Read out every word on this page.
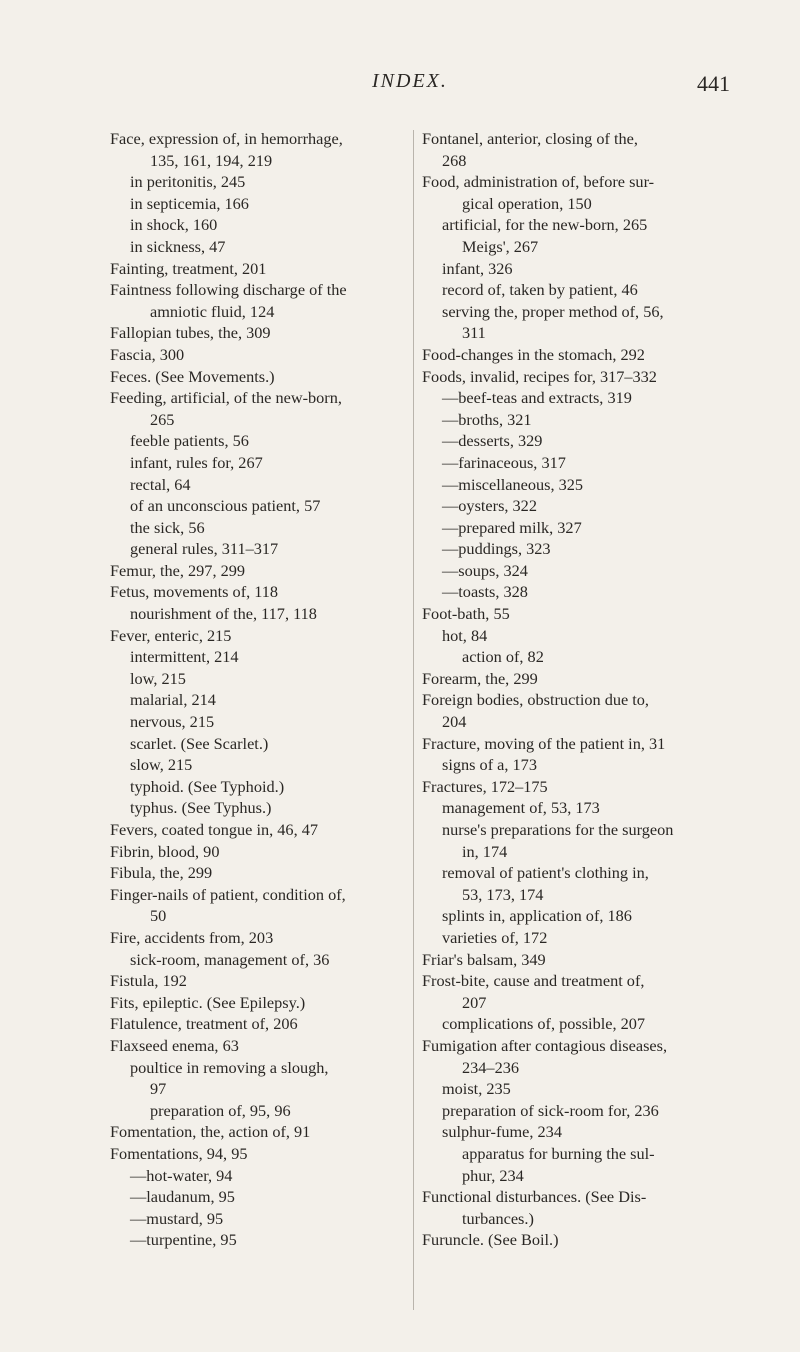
INDEX.	441
Face, expression of, in hemorrhage,
135, 161, 194, 219
in peritonitis, 245
in septicemia, 166
in shock, 160
in sickness, 47
Fainting, treatment, 201
Faintness following discharge of the
amniotic fluid, 124
Fallopian tubes, the, 309
Fascia, 300
Feces. (See Movements.)
Feeding, artificial, of the new-born,
265
feeble patients, 56
infant, rules for, 267
rectal, 64
of an unconscious patient, 57
the sick, 56
general rules, 311–317
Femur, the, 297, 299
Fetus, movements of, 118
nourishment of the, 117, 118
Fever, enteric, 215
intermittent, 214
low, 215
malarial, 214
nervous, 215
scarlet. (See Scarlet.)
slow, 215
typhoid. (See Typhoid.)
typhus. (See Typhus.)
Fevers, coated tongue in, 46, 47
Fibrin, blood, 90
Fibula, the, 299
Finger-nails of patient, condition of,
50
Fire, accidents from, 203
sick-room, management of, 36
Fistula, 192
Fits, epileptic. (See Epilepsy.)
Flatulence, treatment of, 206
Flaxseed enema, 63
poultice in removing a slough,
97
preparation of, 95, 96
Fomentation, the, action of, 91
Fomentations, 94, 95
—hot-water, 94
—laudanum, 95
—mustard, 95
—turpentine, 95
Fontanel, anterior, closing of the,
268
Food, administration of, before sur-
gical operation, 150
artificial, for the new-born, 265
Meigs', 267
infant, 326
record of, taken by patient, 46
serving the, proper method of, 56,
311
Food-changes in the stomach, 292
Foods, invalid, recipes for, 317–332
—beef-teas and extracts, 319
—broths, 321
—desserts, 329
—farinaceous, 317
—miscellaneous, 325
—oysters, 322
—prepared milk, 327
—puddings, 323
—soups, 324
—toasts, 328
Foot-bath, 55
hot, 84
action of, 82
Forearm, the, 299
Foreign bodies, obstruction due to,
204
Fracture, moving of the patient in, 31
signs of a, 173
Fractures, 172–175
management of, 53, 173
nurse's preparations for the surgeon
in, 174
removal of patient's clothing in,
53, 173, 174
splints in, application of, 186
varieties of, 172
Friar's balsam, 349
Frost-bite, cause and treatment of,
207
complications of, possible, 207
Fumigation after contagious diseases,
234–236
moist, 235
preparation of sick-room for, 236
sulphur-fume, 234
apparatus for burning the sul-
phur, 234
Functional disturbances. (See Dis-
turbances.)
Furuncle. (See Boil.)
